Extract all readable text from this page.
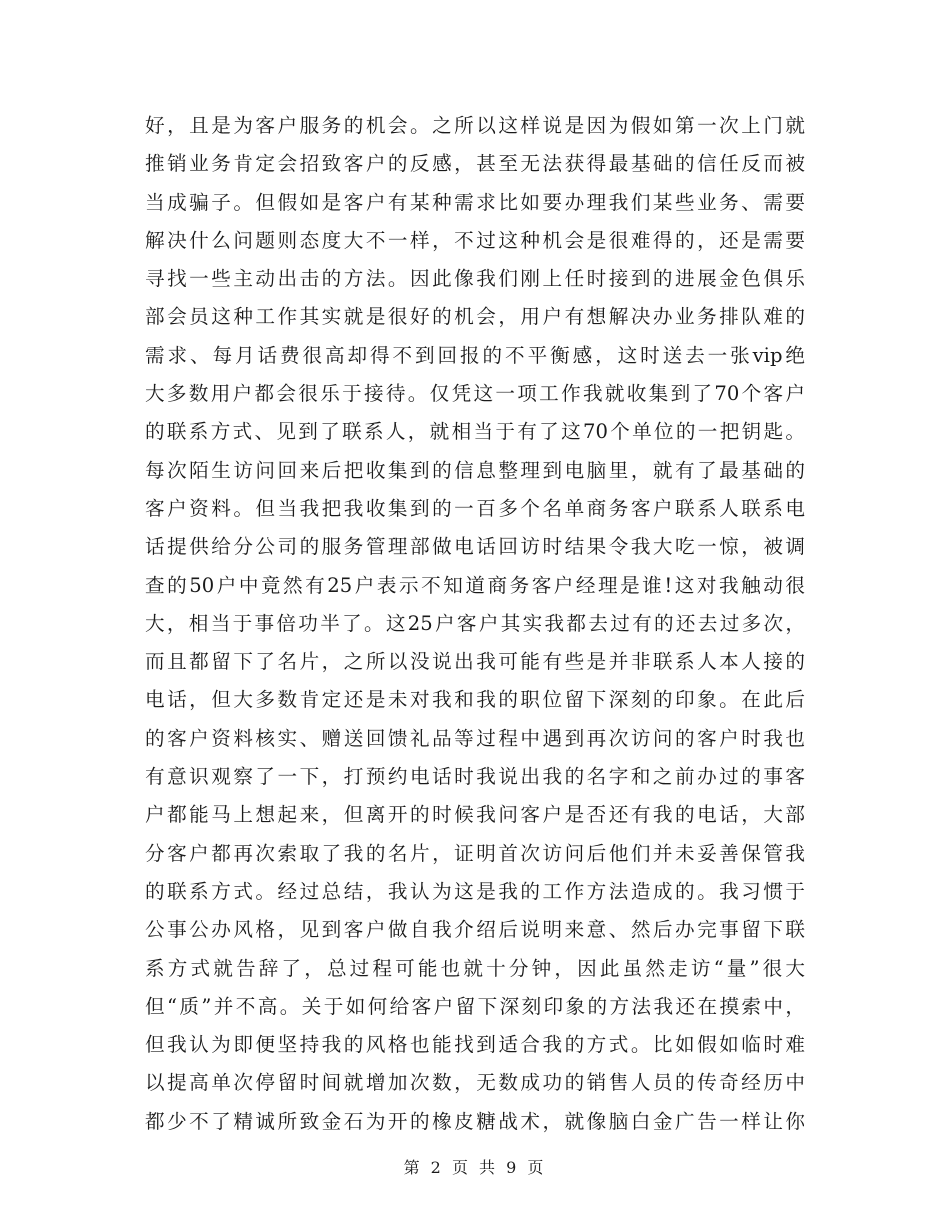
好，且是为客户服务的机会。之所以这样说是因为假如第一次上门就
推销业务肯定会招致客户的反感，甚至无法获得最基础的信任反而被
当成骗子。但假如是客户有某种需求比如要办理我们某些业务、需要
解决什么问题则态度大不一样，不过这种机会是很难得的，还是需要
寻找一些主动出击的方法。因此像我们刚上任时接到的进展金色俱乐
部会员这种工作其实就是很好的机会，用户有想解决办业务排队难的
需求、每月话费很高却得不到回报的不平衡感，这时送去一张vip绝
大多数用户都会很乐于接待。仅凭这一项工作我就收集到了70个客户
的联系方式、见到了联系人，就相当于有了这70个单位的一把钥匙。
每次陌生访问回来后把收集到的信息整理到电脑里，就有了最基础的
客户资料。但当我把我收集到的一百多个名单商务客户联系人联系电
话提供给分公司的服务管理部做电话回访时结果令我大吃一惊，被调
查的50户中竟然有25户表示不知道商务客户经理是谁!这对我触动很
大，相当于事倍功半了。这25户客户其实我都去过有的还去过多次，
而且都留下了名片，之所以没说出我可能有些是并非联系人本人接的
电话，但大多数肯定还是未对我和我的职位留下深刻的印象。在此后
的客户资料核实、赠送回馈礼品等过程中遇到再次访问的客户时我也
有意识观察了一下，打预约电话时我说出我的名字和之前办过的事客
户都能马上想起来，但离开的时候我问客户是否还有我的电话，大部
分客户都再次索取了我的名片，证明首次访问后他们并未妥善保管我
的联系方式。经过总结，我认为这是我的工作方法造成的。我习惯于
公事公办风格，见到客户做自我介绍后说明来意、然后办完事留下联
系方式就告辞了，总过程可能也就十分钟，因此虽然走访“量”很大
但“质”并不高。关于如何给客户留下深刻印象的方法我还在摸索中，
但我认为即便坚持我的风格也能找到适合我的方式。比如假如临时难
以提高单次停留时间就增加次数，无数成功的销售人员的传奇经历中
都少不了精诚所致金石为开的橡皮糖战术，就像脑白金广告一样让你
第 2 页 共 9 页
